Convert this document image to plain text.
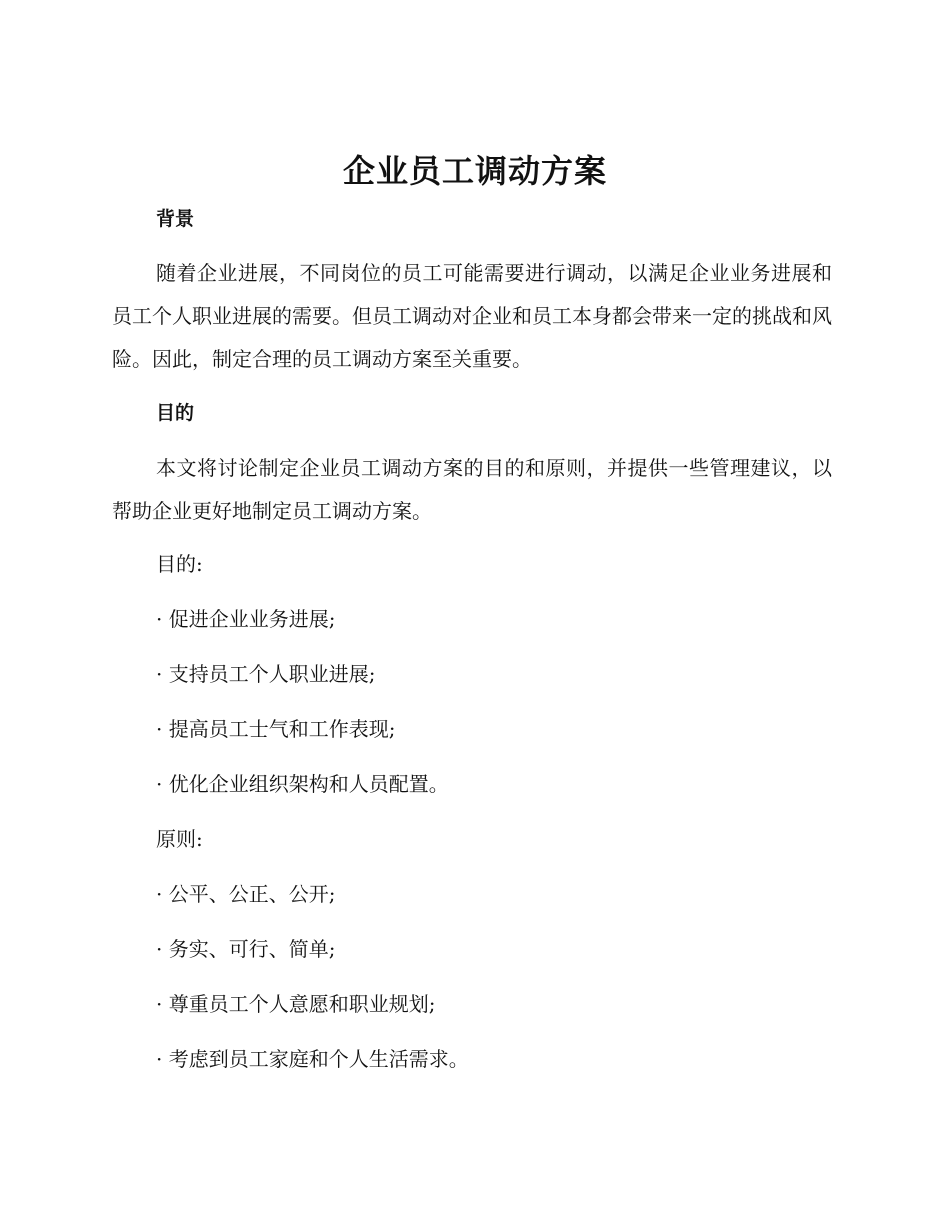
企业员工调动方案
背景

随着企业进展，不同岗位的员工可能需要进行调动，以满足企业业务进展和员工个人职业进展的需要。但员工调动对企业和员工本身都会带来一定的挑战和风险。因此，制定合理的员工调动方案至关重要。

目的

本文将讨论制定企业员工调动方案的目的和原则，并提供一些管理建议，以帮助企业更好地制定员工调动方案。

目的:
· 促进企业业务进展;
· 支持员工个人职业进展;
· 提高员工士气和工作表现;
· 优化企业组织架构和人员配置。
原则:
· 公平、公正、公开;
· 务实、可行、简单;
· 尊重员工个人意愿和职业规划;
· 考虑到员工家庭和个人生活需求。
